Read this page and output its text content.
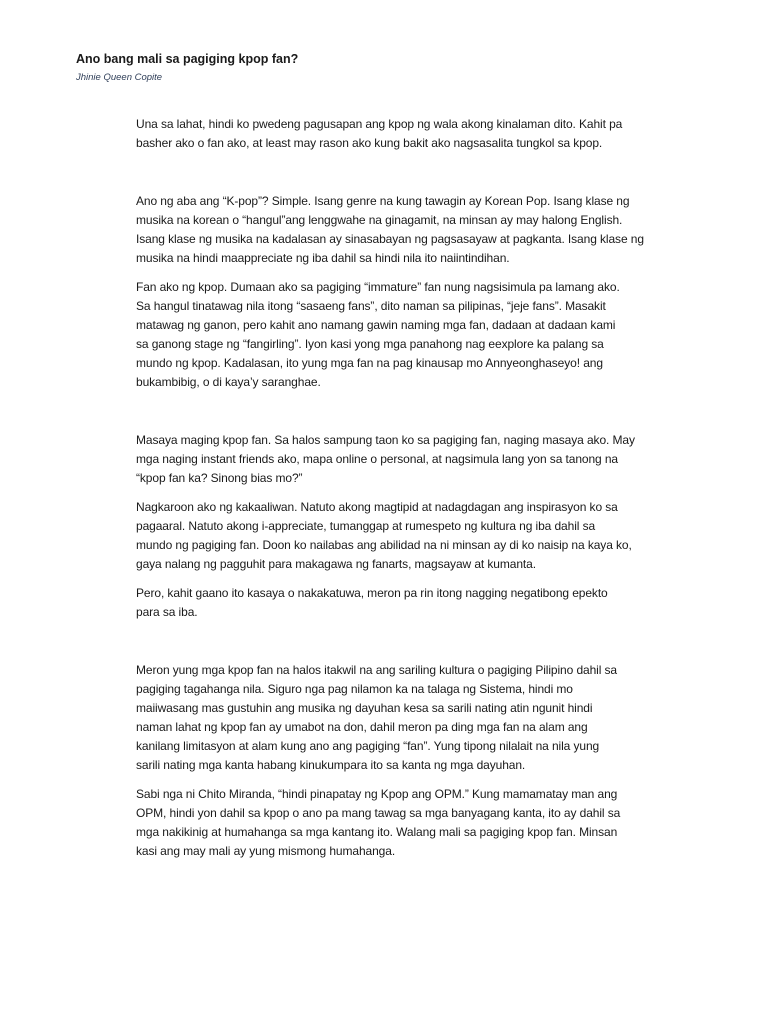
Ano bang mali sa pagiging kpop fan?

Jhinie Queen Copite

Una sa lahat, hindi ko pwedeng pagusapan ang kpop ng wala akong kinalaman dito. Kahit pa
basher ako o fan ako, at least may rason ako kung bakit ako nagsasalita tungkol sa kpop.

Ano ng aba ang “K-pop”? Simple. Isang genre na kung tawagin ay Korean Pop. Isang klase ng
musika na korean o “hangul”ang lenggwahe na ginagamit, na minsan ay may halong English.
Isang klase ng musika na kadalasan ay sinasabayan ng pagsasayaw at pagkanta. Isang klase ng
musika na hindi maappreciate ng iba dahil sa hindi nila ito naiintindihan.

Fan ako ng kpop. Dumaan ako sa pagiging “immature” fan nung nagsisimula pa lamang ako.
Sa hangul tinatawag nila itong “sasaeng fans”, dito naman sa pilipinas, “jeje fans”. Masakit
matawag ng ganon, pero kahit ano namang gawin naming mga fan, dadaan at dadaan kami
sa ganong stage ng “fangirling”. Iyon kasi yong mga panahong nag eexplore ka palang sa
mundo ng kpop. Kadalasan, ito yung mga fan na pag kinausap mo Annyeonghaseyo! ang
bukambibig, o di kaya’y saranghae.

Masaya maging kpop fan. Sa halos sampung taon ko sa pagiging fan, naging masaya ako. May
mga naging instant friends ako, mapa online o personal, at nagsimula lang yon sa tanong na
“kpop fan ka? Sinong bias mo?”

Nagkaroon ako ng kakaaliwan. Natuto akong magtipid at nadagdagan ang inspirasyon ko sa
pagaaral. Natuto akong i-appreciate, tumanggap at rumespeto ng kultura ng iba dahil sa
mundo ng pagiging fan. Doon ko nailabas ang abilidad na ni minsan ay di ko naisip na kaya ko,
gaya nalang ng pagguhit para makagawa ng fanarts, magsayaw at kumanta.

Pero, kahit gaano ito kasaya o nakakatuwa, meron pa rin itong nagging negatibong epekto
para sa iba.

Meron yung mga kpop fan na halos itakwil na ang sariling kultura o pagiging Pilipino dahil sa
pagiging tagahanga nila. Siguro nga pag nilamon ka na talaga ng Sistema, hindi mo
maiiwasang mas gustuhin ang musika ng dayuhan kesa sa sarili nating atin ngunit hindi
naman lahat ng kpop fan ay umabot na don, dahil meron pa ding mga fan na alam ang
kanilang limitasyon at alam kung ano ang pagiging “fan”. Yung tipong nilalait na nila yung
sarili nating mga kanta habang kinukumpara ito sa kanta ng mga dayuhan.

Sabi nga ni Chito Miranda, “hindi pinapatay ng Kpop ang OPM.” Kung mamamatay man ang
OPM, hindi yon dahil sa kpop o ano pa mang tawag sa mga banyagang kanta, ito ay dahil sa
mga nakikinig at humahanga sa mga kantang ito. Walang mali sa pagiging kpop fan. Minsan
kasi ang may mali ay yung mismong humahanga.
